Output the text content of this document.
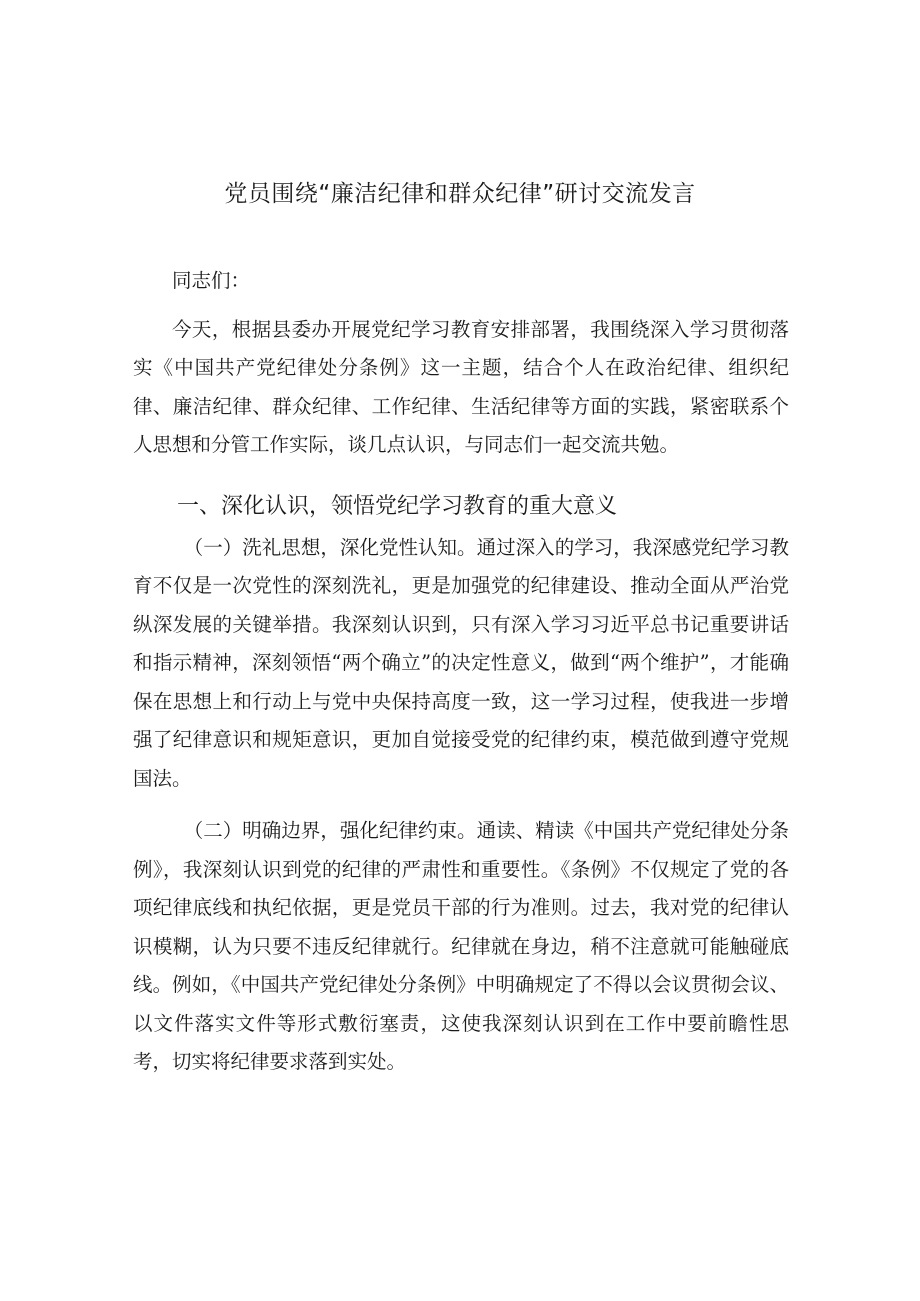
党员围绕“廉洁纪律和群众纪律”研讨交流发言

同志们：

今天，根据县委办开展党纪学习教育安排部署，我围绕深入学习贯彻落实《中国共产党纪律处分条例》这一主题，结合个人在政治纪律、组织纪律、廉洁纪律、群众纪律、工作纪律、生活纪律等方面的实践，紧密联系个人思想和分管工作实际，谈几点认识，与同志们一起交流共勉。

一、深化认识，领悟党纪学习教育的重大意义

（一）洗礼思想，深化党性认知。通过深入的学习，我深感党纪学习教育不仅是一次党性的深刻洗礼，更是加强党的纪律建设、推动全面从严治党纵深发展的关键举措。我深刻认识到，只有深入学习习近平总书记重要讲话和指示精神，深刻领悟“两个确立”的决定性意义，做到“两个维护”，才能确保在思想上和行动上与党中央保持高度一致，这一学习过程，使我进一步增强了纪律意识和规矩意识，更加自觉接受党的纪律约束，模范做到遵守党规国法。

（二）明确边界，强化纪律约束。通读、精读《中国共产党纪律处分条例》，我深刻认识到党的纪律的严肃性和重要性。《条例》不仅规定了党的各项纪律底线和执纪依据，更是党员干部的行为准则。过去，我对党的纪律认识模糊，认为只要不违反纪律就行。纪律就在身边，稍不注意就可能触碰底线。例如，《中国共产党纪律处分条例》中明确规定了不得以会议贯彻会议、以文件落实文件等形式敷衍塞责，这使我深刻认识到在工作中要前瞻性思考，切实将纪律要求落到实处。
